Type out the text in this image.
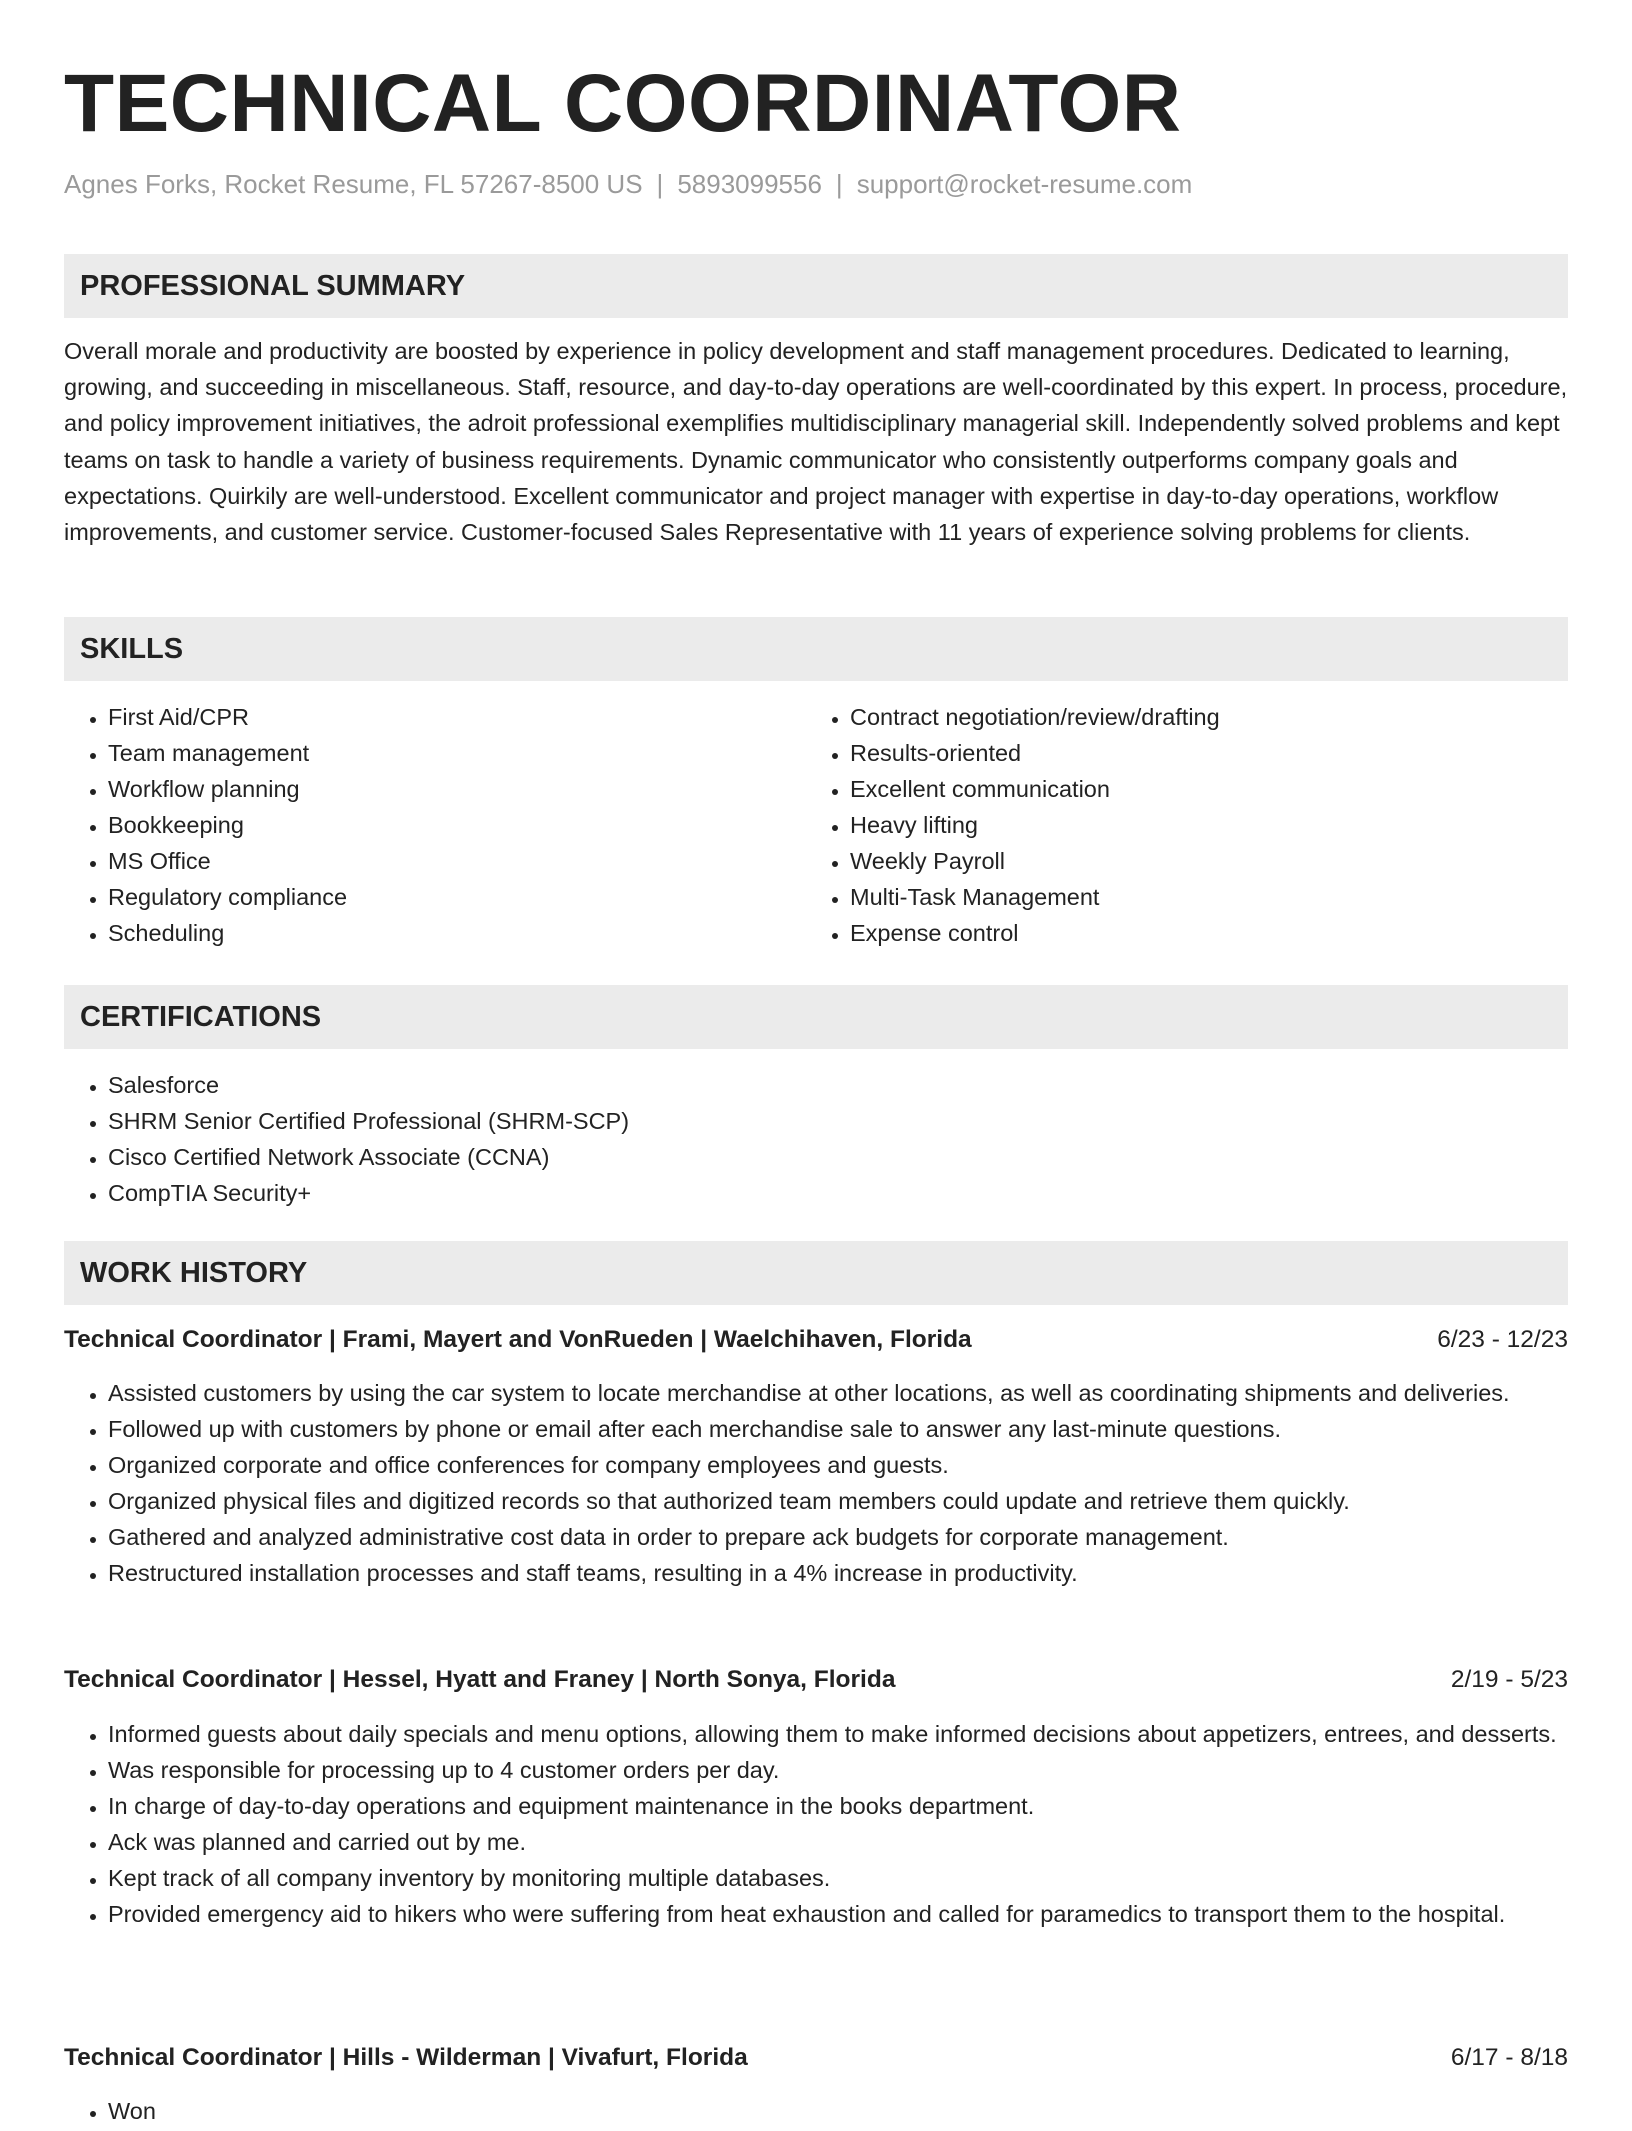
TECHNICAL COORDINATOR
Agnes Forks, Rocket Resume, FL 57267-8500 US | 5893099556 | support@rocket-resume.com
PROFESSIONAL SUMMARY

Overall morale and productivity are boosted by experience in policy development and staff management procedures. Dedicated to learning, growing, and succeeding in miscellaneous. Staff, resource, and day-to-day operations are well-coordinated by this expert. In process, procedure, and policy improvement initiatives, the adroit professional exemplifies multidisciplinary managerial skill. Independently solved problems and kept teams on task to handle a variety of business requirements. Dynamic communicator who consistently outperforms company goals and expectations. Quirkily are well-understood. Excellent communicator and project manager with expertise in day-to-day operations, workflow improvements, and customer service. Customer-focused Sales Representative with 11 years of experience solving problems for clients.

SKILLS
• First Aid/CPR
• Team management
• Workflow planning
• Bookkeeping
• MS Office
• Regulatory compliance
• Scheduling
• Contract negotiation/review/drafting
• Results-oriented
• Excellent communication
• Heavy lifting
• Weekly Payroll
• Multi-Task Management
• Expense control
CERTIFICATIONS
• Salesforce
• SHRM Senior Certified Professional (SHRM-SCP)
• Cisco Certified Network Associate (CCNA)
• CompTIA Security+
WORK HISTORY
Technical Coordinator | Frami, Mayert and VonRueden | Waelchihaven, Florida	6/23 - 12/23
• Assisted customers by using the car system to locate merchandise at other locations, as well as coordinating shipments and deliveries.
• Followed up with customers by phone or email after each merchandise sale to answer any last-minute questions.
• Organized corporate and office conferences for company employees and guests.
• Organized physical files and digitized records so that authorized team members could update and retrieve them quickly.
• Gathered and analyzed administrative cost data in order to prepare ack budgets for corporate management.
• Restructured installation processes and staff teams, resulting in a 4% increase in productivity.
Technical Coordinator | Hessel, Hyatt and Franey | North Sonya, Florida	2/19 - 5/23
• Informed guests about daily specials and menu options, allowing them to make informed decisions about appetizers, entrees, and desserts.
• Was responsible for processing up to 4 customer orders per day.
• In charge of day-to-day operations and equipment maintenance in the books department.
• Ack was planned and carried out by me.
• Kept track of all company inventory by monitoring multiple databases.
• Provided emergency aid to hikers who were suffering from heat exhaustion and called for paramedics to transport them to the hospital.
Technical Coordinator | Hills - Wilderman | Vivafurt, Florida	6/17 - 8/18
• Won
